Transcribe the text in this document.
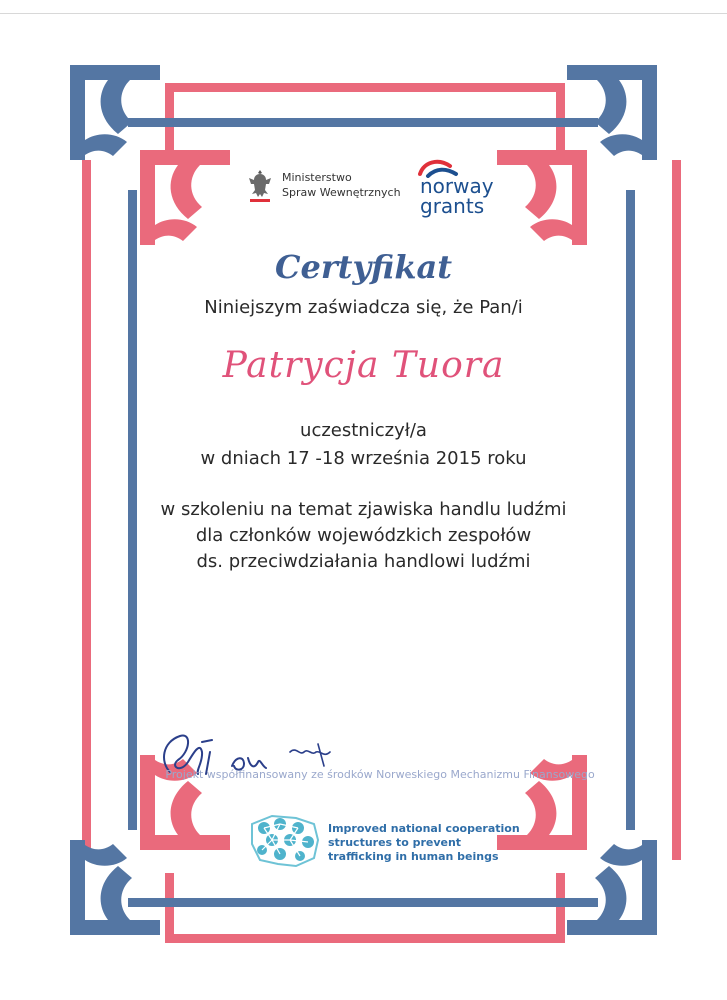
Ministerstwo
Spraw Wewnętrznych norway
grants
Certyfikat
Niniejszym zaświadcza się, że Pan/i
Patrycja Tuora
uczestniczył/a
w dniach 17 -18 września 2015 roku
w szkoleniu na temat zjawiska handlu ludźmi
dla członków wojewódzkich zespołów
ds. przeciwdziałania handlowi ludźmi
Projekt współfinansowany ze środków Norweskiego Mechanizmu Finansowego
Improved national cooperation
structures to prevent
trafficking in human beings
